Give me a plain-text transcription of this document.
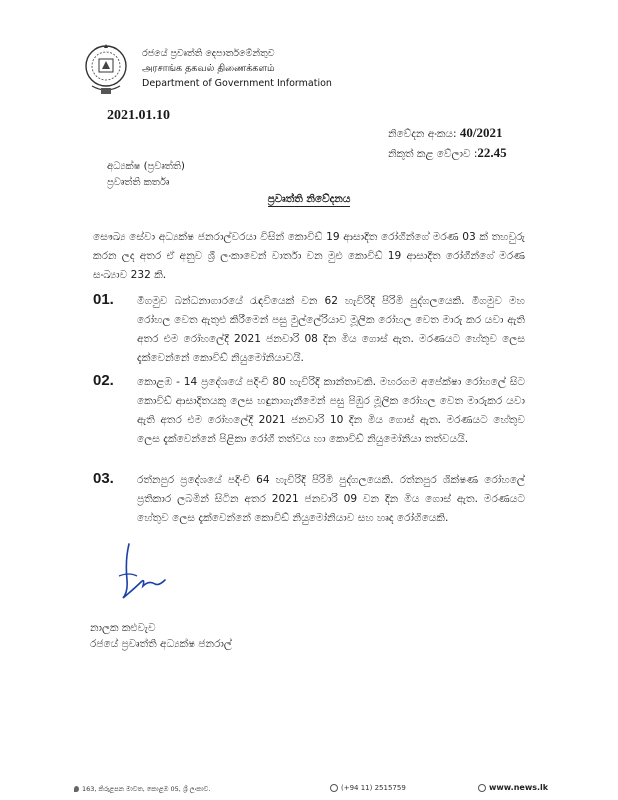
රජයේ ප්‍රවෘත්ති දෙපාර්තමේන්තුව
அரசாங்க தகவல் திணைக்களம்
Department of Government Information
2021.01.10
නිවේදන අංකය: 40/2021
නිකුත් කළ වේලාව :22.45
අධ්‍යක්ෂ (ප්‍රවෘත්ති)
ප්‍රවෘත්ති කර්තෘ
ප්‍රවෘත්ති නිවේදනය
සෞඛ්‍ය සේවා අධ්‍යක්ෂ ජනරාල්වරයා විසින් කොවිඩ් 19 ආසාදිත රෝගීන්ගේ මරණ 03 ක් තහවුරු කරන ලද අතර ඒ අනුව ශ්‍රී ලංකාවෙන් වාර්තා වන මුළු කොවිඩ් 19 ආසාදිත රෝගීන්ගේ මරණ සංඛ්‍යාව 232 කි.
01. මීගමුව බන්ධනාගාරයේ රැඳවියෙක් වන 62 හැවිරිදි පිරිමි පුද්ගලයෙකි. මීගමුව මහ රෝහල වෙත ඇතුළු කිරීමෙන් පසු මුල්ලේරියාව මූලික රෝහල වෙත මාරු කර යවා ඇති අතර එම රෝහලේදී 2021 ජනවාරි 08 දින මිය ගොස් ඇත. මරණයට හේතුව ලෙස දැක්වෙන්නේ කොවිඩ් නියුමෝනියාවයි.
02. කොළඹ - 14 ප්‍රදේශයේ පදිංචි 80 හැවිරිදි කාන්තාවකි. මහරගම අපේක්ෂා රෝහලේ සිට කොවිඩ් ආසාදිතයකු ලෙස හඳුනාගැනීමෙන් පසු පිඹුර මූලික රෝහල වෙත මාරුකර යවා ඇති අතර එම රෝහලේදී 2021 ජනවාරි 10 දින මිය ගොස් ඇත. මරණයට හේතුව ලෙස දැක්වෙන්නේ පිළිකා රෝගී තත්වය හා කොවිඩ් නියුමෝනියා තත්වයයි.
03. රත්නපුර ප්‍රදේශයේ පදිංචි 64 හැවිරිදි පිරිමි පුද්ගලයෙකි. රත්නපුර ශික්ෂණ රෝහලේ ප්‍රතිකාර ලබමින් සිටින අතර 2021 ජනවාරි 09 වන දින මිය ගොස් ඇත. මරණයට හේතුව ලෙස දැක්වෙන්නේ කොවිඩ් නියුමෝනියාව සහ හෘද රෝගියෙකි.
නාලක කළුවැව
රජයේ ප්‍රවෘත්ති අධ්‍යක්ෂ ජනරාල්
163, කිරුළපන මාවත, කොළඹ 05, ශ්‍රී ලංකාව.	(+94 11) 2515759	www.news.lk
